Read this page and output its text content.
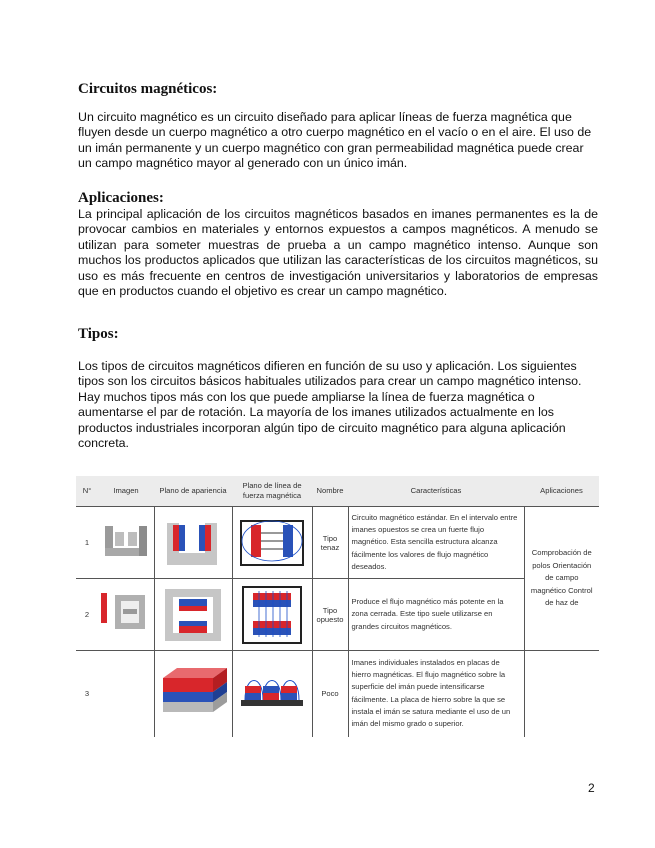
Circuitos magnéticos:

Un circuito magnético es un circuito diseñado para aplicar líneas de fuerza magnética que fluyen desde un cuerpo magnético a otro cuerpo magnético en el vacío o en el aire. El uso de un imán permanente y un cuerpo magnético con gran permeabilidad magnética puede crear un campo magnético mayor al generado con un único imán.

Aplicaciones:

La principal aplicación de los circuitos magnéticos basados en imanes permanentes es la de provocar cambios en materiales y entornos expuestos a campos magnéticos. A menudo se utilizan para someter muestras de prueba a un campo magnético intenso. Aunque son muchos los productos aplicados que utilizan las características de los circuitos magnéticos, su uso es más frecuente en centros de investigación universitarios y laboratorios de empresas que en productos cuando el objetivo es crear un campo magnético.

Tipos:

Los tipos de circuitos magnéticos difieren en función de su uso y aplicación. Los siguientes tipos son los circuitos básicos habituales utilizados para crear un campo magnético intenso. Hay muchos tipos más con los que puede ampliarse la línea de fuerza magnética o aumentarse el par de rotación. La mayoría de los imanes utilizados actualmente en los productos industriales incorporan algún tipo de circuito magnético para alguna aplicación concreta.

N°	Imagen	Plano de apariencia	Plano de línea de fuerza magnética	Nombre	Características	Aplicaciones
1				Tipo tenaz	Circuito magnético estándar. En el intervalo entre imanes opuestos se crea un fuerte flujo magnético. Esta sencilla estructura alcanza fácilmente los valores de flujo magnético deseados.	Comprobación de polos Orientación de campo magnético Control de haz de
2				Tipo opuesto	Produce el flujo magnético más potente en la zona cerrada. Este tipo suele utilizarse en grandes circuitos magnéticos.	
3				Poco	Imanes individuales instalados en placas de hierro magnéticas. El flujo magnético sobre la superficie del imán puede intensificarse fácilmente. La placa de hierro sobre la que se instala el imán se satura mediante el uso de un imán del mismo grado o superior.	
2
